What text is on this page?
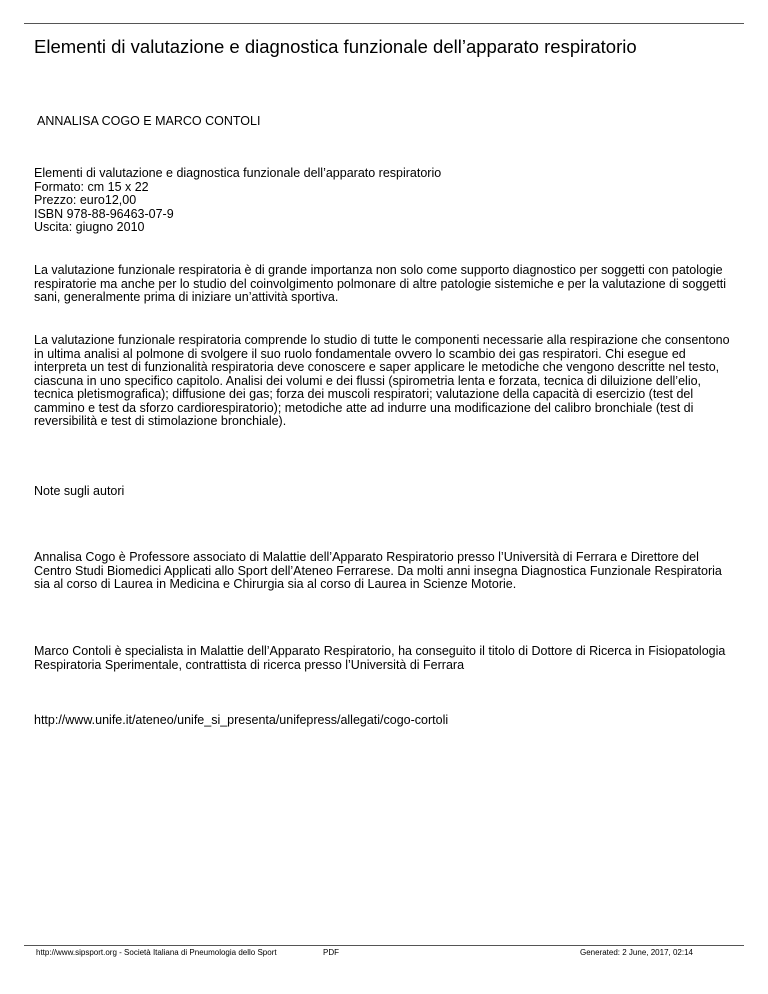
Elementi di valutazione e diagnostica funzionale dell’apparato respiratorio
ANNALISA COGO E MARCO CONTOLI
Elementi di valutazione e diagnostica funzionale dell’apparato respiratorio
Formato: cm 15 x 22
Prezzo: euro12,00
ISBN 978-88-96463-07-9
Uscita: giugno 2010

La valutazione funzionale respiratoria è di grande importanza non solo come supporto diagnostico per soggetti con patologie respiratorie ma anche per lo studio del coinvolgimento polmonare di altre patologie sistemiche e per la valutazione di soggetti sani, generalmente prima di iniziare un’attività sportiva.

La valutazione funzionale respiratoria comprende lo studio di tutte le componenti necessarie alla respirazione che consentono in ultima analisi al polmone di svolgere il suo ruolo fondamentale ovvero lo scambio dei gas respiratori. Chi esegue ed interpreta un test di funzionalità respiratoria deve conoscere e saper applicare le metodiche che vengono descritte nel testo, ciascuna in uno specifico capitolo. Analisi dei volumi e dei flussi (spirometria lenta e forzata, tecnica di diluizione dell’elio, tecnica pletismografica); diffusione dei gas; forza dei muscoli respiratori; valutazione della capacità di esercizio (test del cammino e test da sforzo cardiorespiratorio); metodiche atte ad indurre una modificazione del calibro bronchiale (test di reversibilità e test di stimolazione bronchiale).

Note sugli autori

Annalisa Cogo è Professore associato di Malattie dell’Apparato Respiratorio presso l’Università di Ferrara e Direttore del Centro Studi Biomedici Applicati allo Sport dell’Ateneo Ferrarese. Da molti anni insegna Diagnostica Funzionale Respiratoria sia al corso di Laurea in Medicina e Chirurgia sia al corso di Laurea in Scienze Motorie.

Marco Contoli è specialista in Malattie dell’Apparato Respiratorio, ha conseguito il titolo di Dottore di Ricerca in Fisiopatologia Respiratoria Sperimentale, contrattista di ricerca presso l’Università di Ferrara

http://www.unife.it/ateneo/unife_si_presenta/unifepress/allegati/cogo-cortoli
http://www.sipsport.org - Società Italiana di Pneumologia dello Sport	PDF	Generated: 2 June, 2017, 02:14
